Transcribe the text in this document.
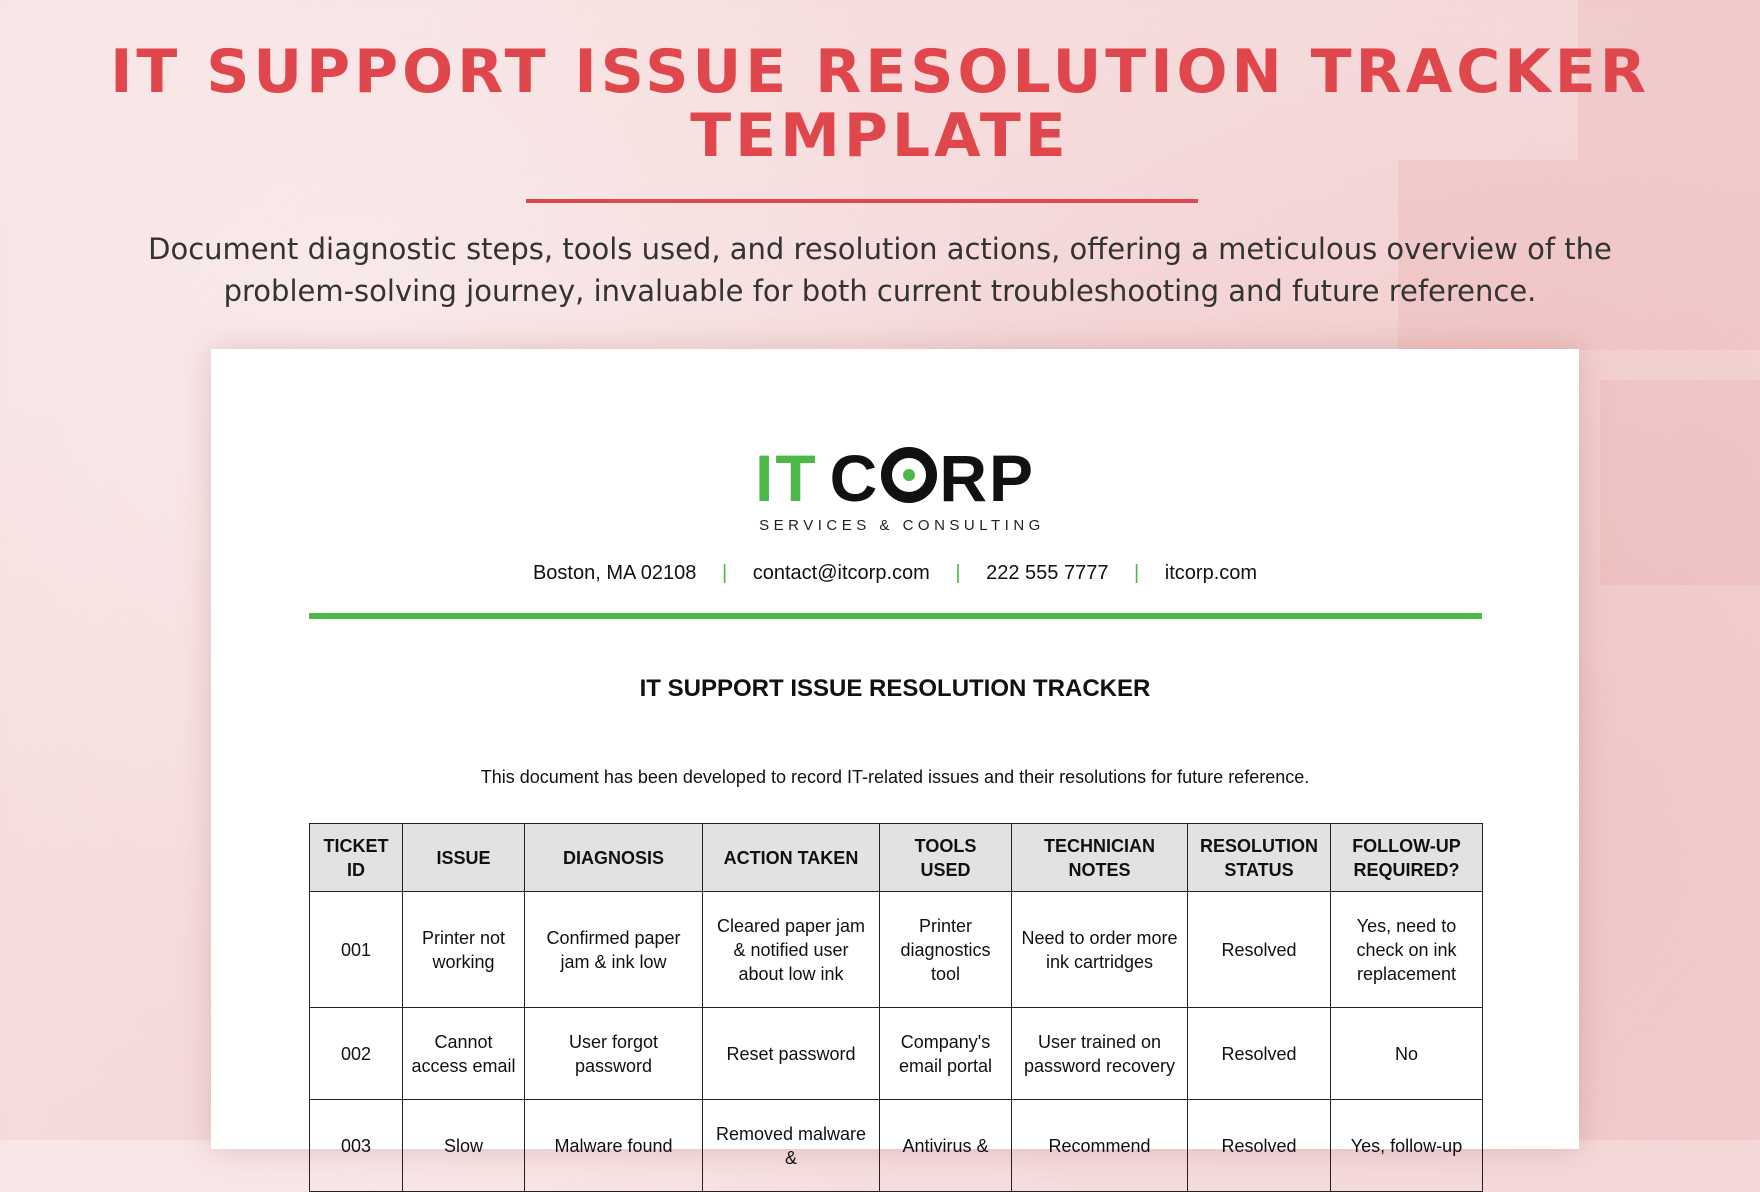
IT SUPPORT ISSUE RESOLUTION TRACKER
TEMPLATE

Document diagnostic steps, tools used, and resolution actions, offering a meticulous overview of the
problem-solving journey, invaluable for both current troubleshooting and future reference.

IT C RP
SERVICES & CONSULTING
Boston, MA 02108 | contact@itcorp.com | 222 555 7777 | itcorp.com
IT SUPPORT ISSUE RESOLUTION TRACKER

This document has been developed to record IT-related issues and their resolutions for future reference.

TICKET ID	ISSUE	DIAGNOSIS	ACTION TAKEN	TOOLS USED	TECHNICIAN NOTES	RESOLUTION STATUS	FOLLOW-UP REQUIRED?
001	Printer not working	Confirmed paper jam & ink low	Cleared paper jam & notified user about low ink	Printer diagnostics tool	Need to order more ink cartridges	Resolved	Yes, need to check on ink replacement
002	Cannot access email	User forgot password	Reset password	Company's email portal	User trained on password recovery	Resolved	No
003	Slow	Malware found	Removed malware &	Antivirus &	Recommend	Resolved	Yes, follow-up
